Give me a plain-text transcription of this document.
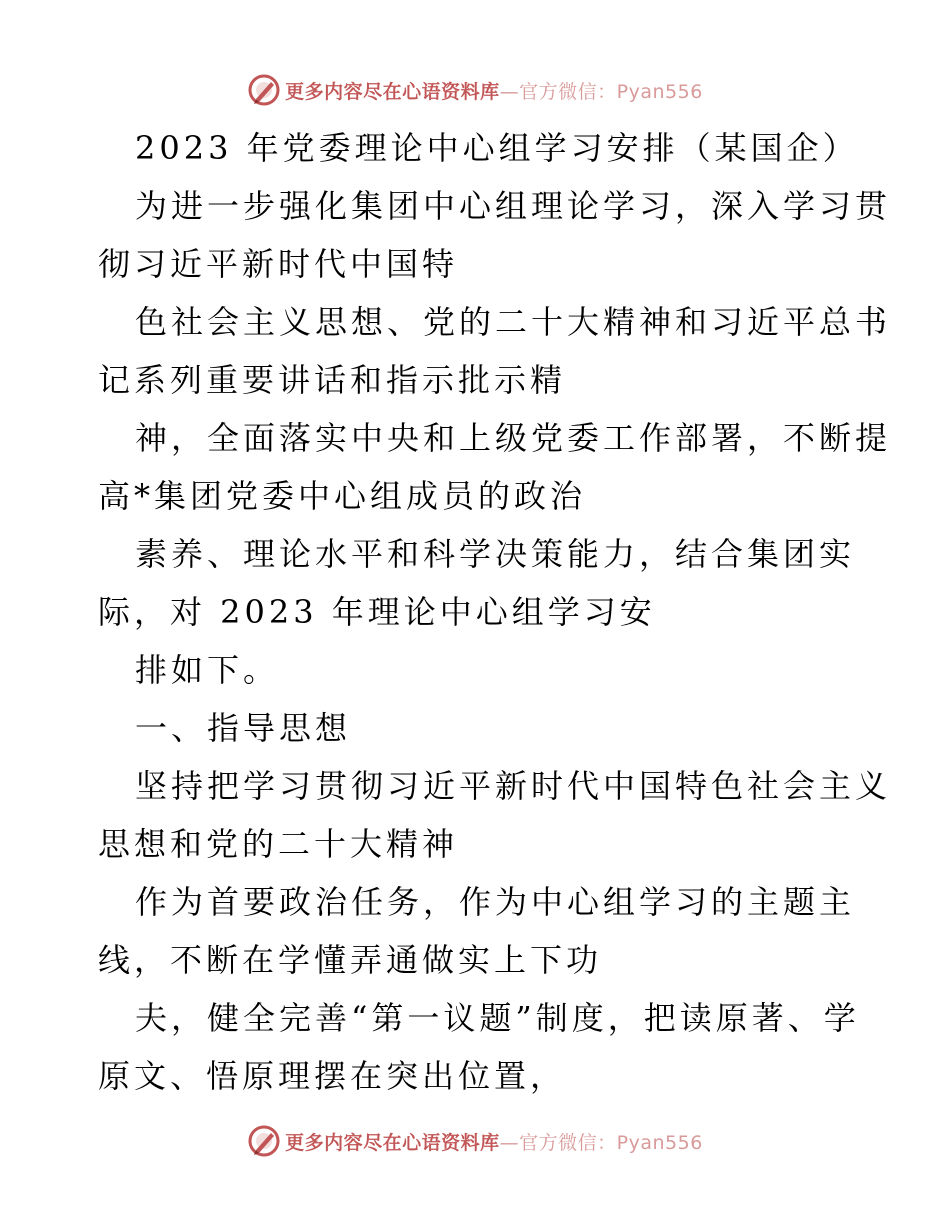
更多内容尽在心语资料库—官方微信：Pyan556
2023 年党委理论中心组学习安排（某国企）
为进一步强化集团中心组理论学习，深入学习贯
彻习近平新时代中国特
色社会主义思想、党的二十大精神和习近平总书
记系列重要讲话和指示批示精
神，全面落实中央和上级党委工作部署，不断提
高*集团党委中心组成员的政治
素养、理论水平和科学决策能力，结合集团实
际，对 2023 年理论中心组学习安
排如下。
一、指导思想
坚持把学习贯彻习近平新时代中国特色社会主义
思想和党的二十大精神
作为首要政治任务，作为中心组学习的主题主
线，不断在学懂弄通做实上下功
夫，健全完善“第一议题”制度，把读原著、学
原文、悟原理摆在突出位置，
更多内容尽在心语资料库—官方微信：Pyan556
